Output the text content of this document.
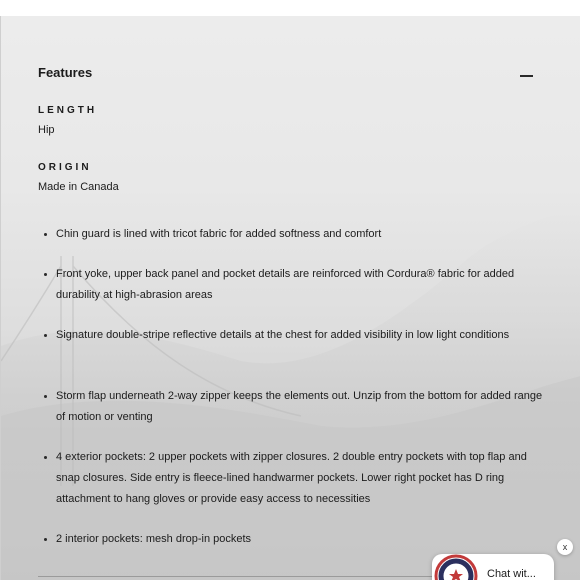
Features
LENGTH
Hip
ORIGIN
Made in Canada
Chin guard is lined with tricot fabric for added softness and comfort
Front yoke, upper back panel and pocket details are reinforced with Cordura® fabric for added durability at high-abrasion areas
Signature double-stripe reflective details at the chest for added visibility in low light conditions
Storm flap underneath 2-way zipper keeps the elements out. Unzip from the bottom for added range of motion or venting
4 exterior pockets: 2 upper pockets with zipper closures. 2 double entry pockets with top flap and snap closures. Side entry is fleece-lined handwarmer pockets. Lower right pocket has D ring attachment to hang gloves or provide easy access to necessities
2 interior pockets: mesh drop-in pockets
Chat wit...
x
